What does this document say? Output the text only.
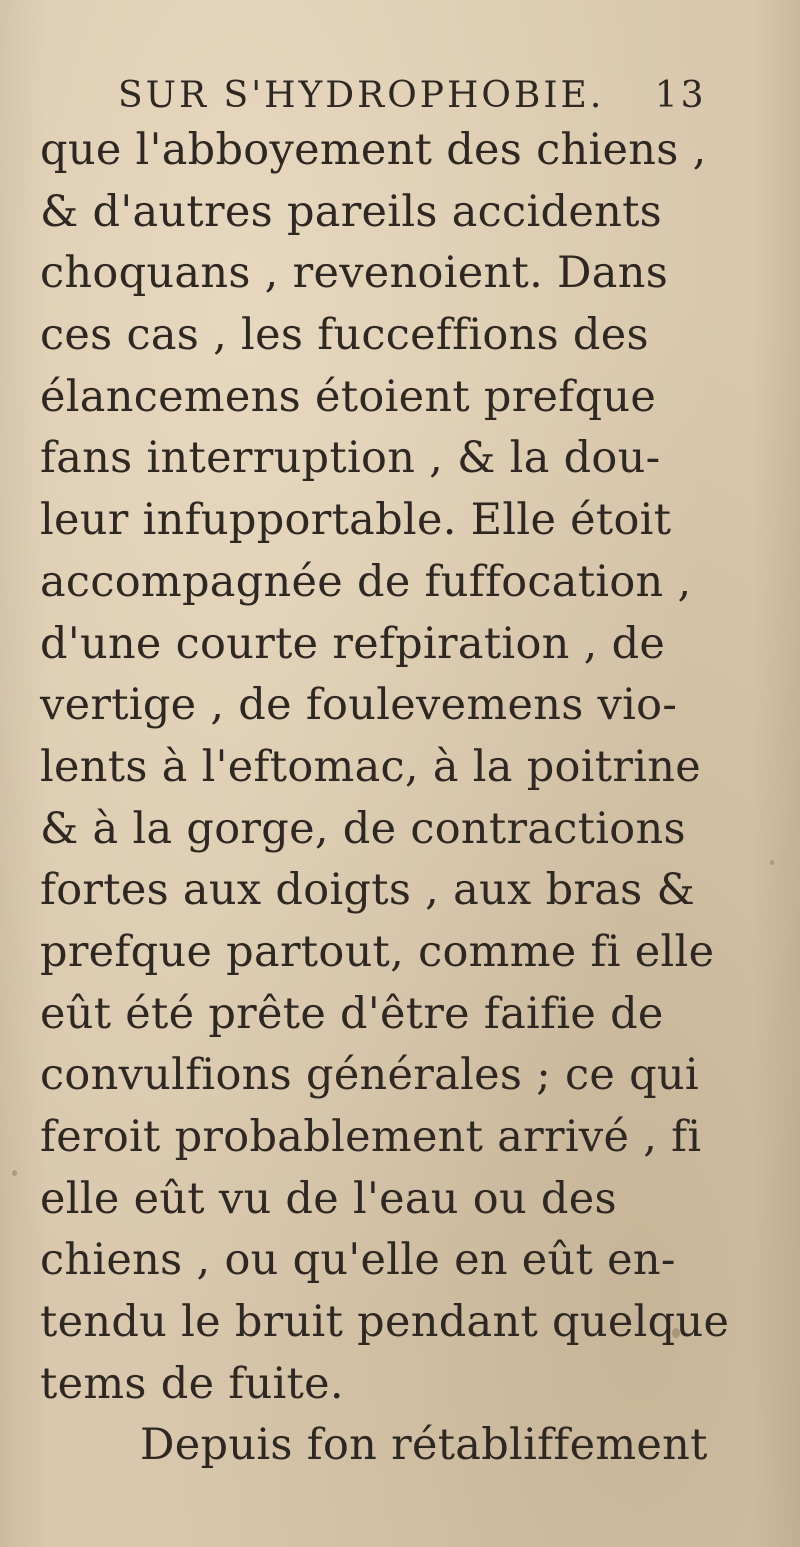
SUR S'HYDROPHOBIE. 13
que l'abboyement des chiens ,
& d'autres pareils accidents
choquans , revenoient. Dans
ces cas , les fucceffions des
élancemens étoient prefque
fans interruption , & la dou-
leur infupportable. Elle étoit
accompagnée de fuffocation ,
d'une courte refpiration , de
vertige , de foulevemens vio-
lents à l'eftomac, à la poitrine
& à la gorge, de contractions
fortes aux doigts , aux bras &
prefque partout, comme fi elle
eût été prête d'être faifie de
convulfions générales ; ce qui
feroit probablement arrivé , fi
elle eût vu de l'eau ou des
chiens , ou qu'elle en eût en-
tendu le bruit pendant quelque
tems de fuite.
Depuis fon rétabliffement
